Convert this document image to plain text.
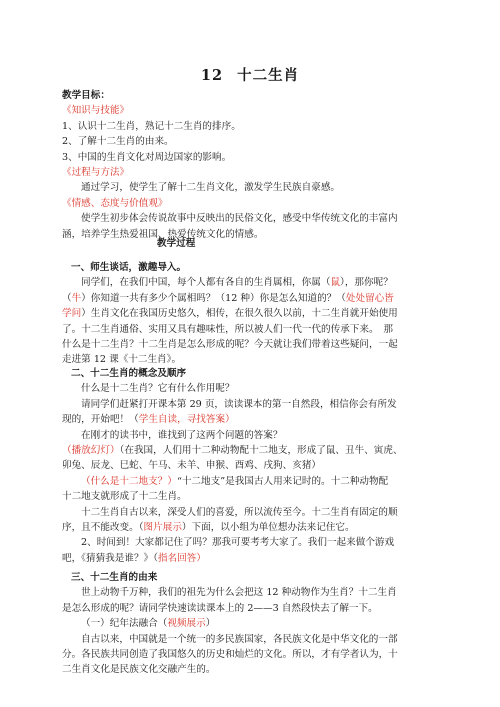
12 十二生肖
教学目标：
《知识与技能》
1、认识十二生肖，熟记十二生肖的排序。
2、了解十二生肖的由来。
3、中国的生肖文化对周边国家的影响。
《过程与方法》
通过学习，使学生了解十二生肖文化，激发学生民族自豪感。
《情感、态度与价值观》
使学生初步体会传说故事中反映出的民俗文化，感受中华传统文化的丰富内
涵，培养学生热爱祖国、热爱传统文化的情感。
教学过程
一、师生谈话，激趣导入。
同学们，在我们中国，每个人都有各自的生肖属相，你属（鼠），那你呢？
（牛）你知道一共有多少个属相吗？（12 种）你是怎么知道的？（处处留心皆
学问）生肖文化在我国历史悠久，相传，在很久很久以前，十二生肖就开始使用
了。十二生肖通俗、实用又具有趣味性，所以被人们一代一代的传承下来。　那
什么是十二生肖？十二生肖是怎么形成的呢？今天就让我们带着这些疑问，一起
走进第 12 课《十二生肖》。
二、十二生肖的概念及顺序
什么是十二生肖？它有什么作用呢？
请同学们赶紧打开课本第 29 页，读读课本的第一自然段，相信你会有所发
现的，开始吧！（学生自读，寻找答案）
在刚才的读书中，谁找到了这两个问题的答案？
（播放幻灯）（在我国，人们用十二种动物配十二地支，形成了鼠、丑牛、寅虎、
卯兔、辰龙、巳蛇、午马、未羊、申猴、酉鸡、戌狗、亥猪）
（什么是十二地支？）“十二地支”是我国古人用来记时的。十二种动物配
十二地支就形成了十二生肖。
十二生肖自古以来，深受人们的喜爱，所以流传至今。十二生肖有固定的顺
序，且不能改变。（图片展示）下面，以小组为单位想办法来记住它。
2、时间到！大家都记住了吗？那我可要考考大家了。我们一起来做个游戏
吧，《猜猜我是谁？》（指名回答）
三、十二生肖的由来
世上动物千万种，我们的祖先为什么会把这 12 种动物作为生肖？十二生肖
是怎么形成的呢？请同学快速读读课本上的 2——3 自然段快去了解一下。
（一）纪年法融合（视频展示）
自古以来，中国就是一个统一的多民族国家，各民族文化是中华文化的一部
分。各民族共同创造了我国悠久的历史和灿烂的文化。所以，才有学者认为，十
二生肖文化是民族文化交融产生的。
